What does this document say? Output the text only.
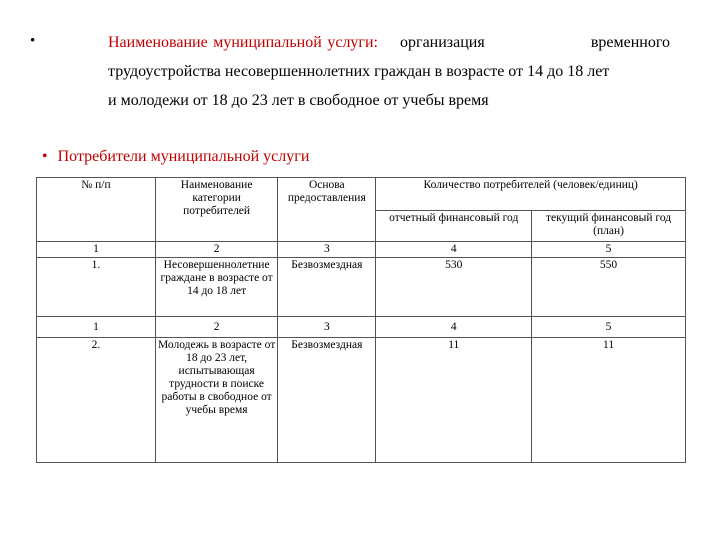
•	Наименование муниципальной услуги: организация	временного
трудоустройства несовершеннолетних граждан в возрасте от 14 до 18 лет
и молодежи от 18 до 23 лет в свободное от учебы время
• Потребители муниципальной услуги
№ п/п	Наименование категории потребителей	Основа предоставления	Количество потребителей (человек/единиц)	
			отчетный финансовый год	текущий финансовый год (план)
1	2	3	4	5
1.	Несовершеннолетние граждане в возрасте от 14 до 18 лет	Безвозмездная	530	550
1	2	3	4	5
2.	Молодежь в возрасте от 18 до 23 лет, испытывающая трудности в поиске работы в свободное от учебы время	Безвозмездная	11	11
